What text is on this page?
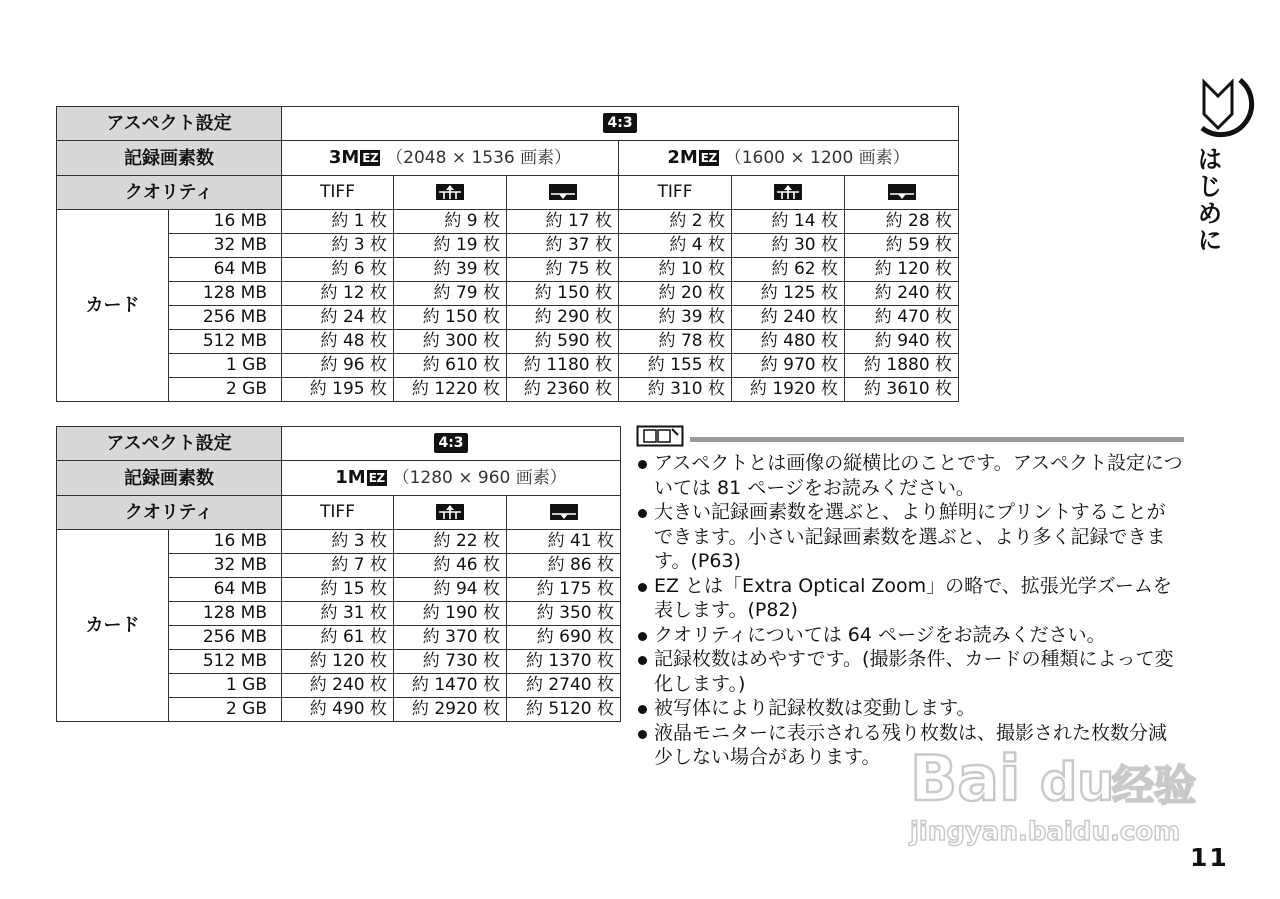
はじめに
アスペクト設定		4:3					
記録画素数		3M EZ （2048 × 1536 画素）			2M EZ （1600 × 1200 画素）		
クオリティ		TIFF			TIFF		
カード	16 MB	約 1 枚	約 9 枚	約 17 枚	約 2 枚	約 14 枚	約 28 枚
	32 MB	約 3 枚	約 19 枚	約 37 枚	約 4 枚	約 30 枚	約 59 枚
	64 MB	約 6 枚	約 39 枚	約 75 枚	約 10 枚	約 62 枚	約 120 枚
	128 MB	約 12 枚	約 79 枚	約 150 枚	約 20 枚	約 125 枚	約 240 枚
	256 MB	約 24 枚	約 150 枚	約 290 枚	約 39 枚	約 240 枚	約 470 枚
	512 MB	約 48 枚	約 300 枚	約 590 枚	約 78 枚	約 480 枚	約 940 枚
	1 GB	約 96 枚	約 610 枚	約 1180 枚	約 155 枚	約 970 枚	約 1880 枚
	2 GB	約 195 枚	約 1220 枚	約 2360 枚	約 310 枚	約 1920 枚	約 3610 枚
アスペクト設定		4:3		
記録画素数		1M EZ （1280 × 960 画素）		
クオリティ		TIFF		
カード	16 MB	約 3 枚	約 22 枚	約 41 枚
	32 MB	約 7 枚	約 46 枚	約 86 枚
	64 MB	約 15 枚	約 94 枚	約 175 枚
	128 MB	約 31 枚	約 190 枚	約 350 枚
	256 MB	約 61 枚	約 370 枚	約 690 枚
	512 MB	約 120 枚	約 730 枚	約 1370 枚
	1 GB	約 240 枚	約 1470 枚	約 2740 枚
	2 GB	約 490 枚	約 2920 枚	約 5120 枚
アスペクトとは画像の縦横比のことです。アスペクト設定については 81 ページをお読みください。
大きい記録画素数を選ぶと、より鮮明にプリントすることができます。小さい記録画素数を選ぶと、より多く記録できます。(P63)
EZ とは「Extra Optical Zoom」の略で、拡張光学ズームを表します。(P82)
クオリティについては 64 ページをお読みください。
記録枚数はめやすです。(撮影条件、カードの種類によって変化します。)
被写体により記録枚数は変動します。
液晶モニターに表示される残り枚数は、撮影された枚数分減少しない場合があります。 Bai du
经验
jingyan.baidu.com
11
